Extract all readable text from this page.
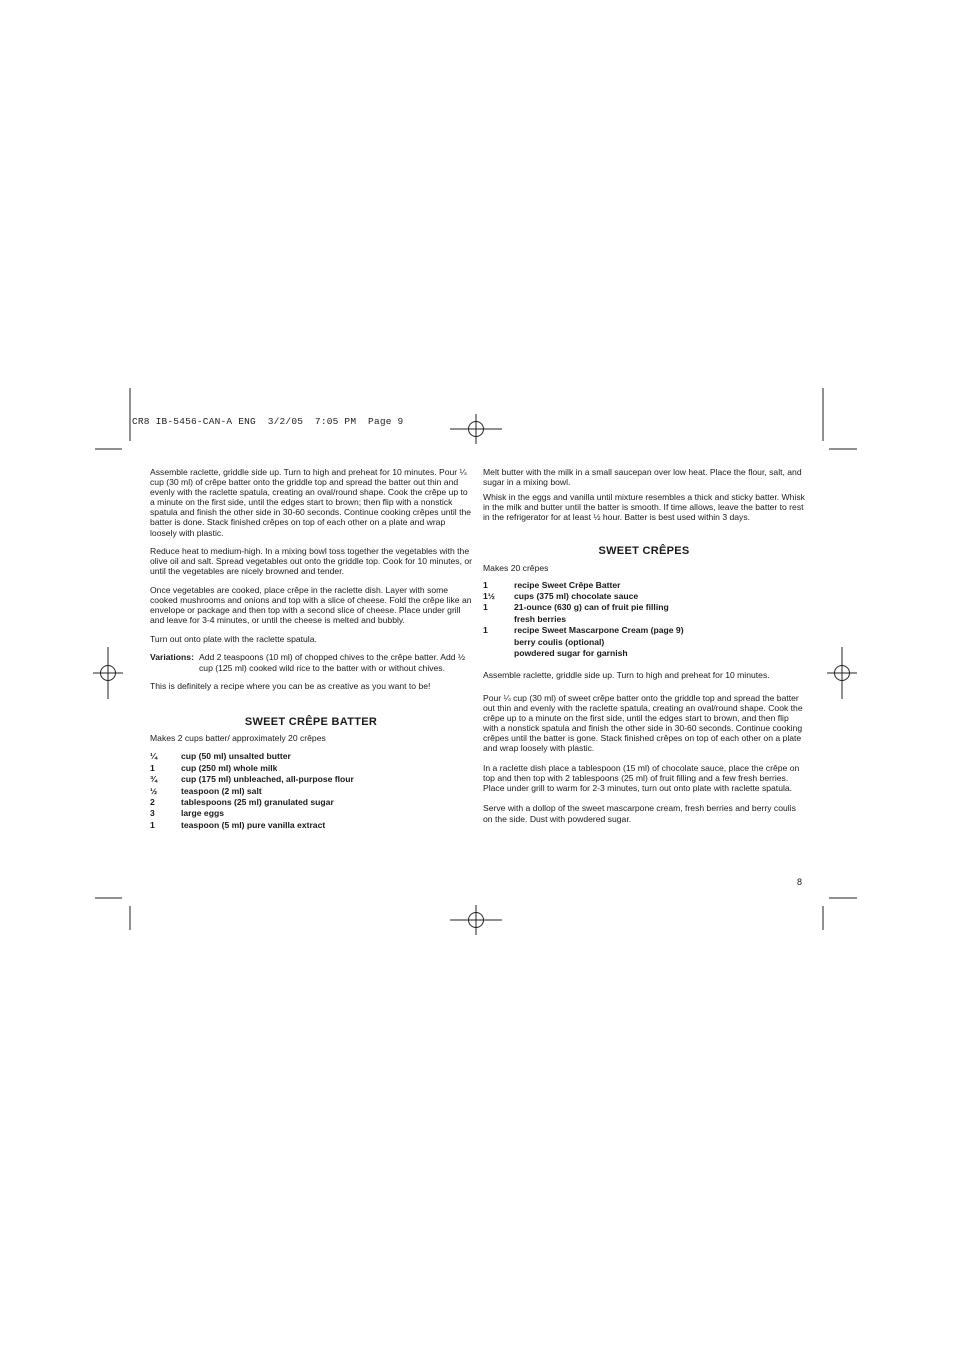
CR8 IB-5456-CAN-A ENG  3/2/05  7:05 PM  Page 9

Assemble raclette, griddle side up. Turn to high and preheat for 10 minutes. Pour ¼ cup (30 ml) of crêpe batter onto the griddle top and spread the batter out thin and evenly with the raclette spatula, creating an oval/round shape. Cook the crêpe up to a minute on the first side, until the edges start to brown; then flip with a nonstick spatula and finish the other side in 30-60 seconds. Continue cooking crêpes until the batter is done. Stack finished crêpes on top of each other on a plate and wrap loosely with plastic.

Reduce heat to medium-high. In a mixing bowl toss together the vegetables with the olive oil and salt. Spread vegetables out onto the griddle top. Cook for 10 minutes, or until the vegetables are nicely browned and tender.

Once vegetables are cooked, place crêpe in the raclette dish. Layer with some cooked mushrooms and onions and top with a slice of cheese. Fold the crêpe like an envelope or package and then top with a second slice of cheese. Place under grill and leave for 3-4 minutes, or until the cheese is melted and bubbly.

Turn out onto plate with the raclette spatula.

Variations: Add 2 teaspoons (10 ml) of chopped chives to the crêpe batter. Add ½ cup (125 ml) cooked wild rice to the batter with or without chives.

This is definitely a recipe where you can be as creative as you want to be!

SWEET CRÊPE BATTER

Makes 2 cups batter/ approximately 20 crêpes

¼	cup (50 ml) unsalted butter
1	cup (250 ml) whole milk
¾	cup (175 ml) unbleached, all-purpose flour
½	teaspoon (2 ml) salt
2	tablespoons (25 ml) granulated sugar
3	large eggs
1	teaspoon (5 ml) pure vanilla extract

Melt butter with the milk in a small saucepan over low heat. Place the flour, salt, and sugar in a mixing bowl.

Whisk in the eggs and vanilla until mixture resembles a thick and sticky batter. Whisk in the milk and butter until the batter is smooth. If time allows, leave the batter to rest in the refrigerator for at least ½ hour. Batter is best used within 3 days.

SWEET CRÊPES

Makes 20 crêpes

1	recipe Sweet Crêpe Batter
1½	cups (375 ml) chocolate sauce
1	21-ounce (630 g) can of fruit pie filling
fresh berries
1	recipe Sweet Mascarpone Cream (page 9)
berry coulis (optional)
powdered sugar for garnish

Assemble raclette, griddle side up. Turn to high and preheat for 10 minutes.

Pour ¼ cup (30 ml) of sweet crêpe batter onto the griddle top and spread the batter out thin and evenly with the raclette spatula, creating an oval/round shape. Cook the crêpe up to a minute on the first side, until the edges start to brown, and then flip with a nonstick spatula and finish the other side in 30-60 seconds. Continue cooking crêpes until the batter is gone. Stack finished crêpes on top of each other on a plate and wrap loosely with plastic.

In a raclette dish place a tablespoon (15 ml) of chocolate sauce, place the crêpe on top and then top with 2 tablespoons (25 ml) of fruit filling and a few fresh berries. Place under grill to warm for 2-3 minutes, turn out onto plate with raclette spatula.

Serve with a dollop of the sweet mascarpone cream, fresh berries and berry coulis on the side. Dust with powdered sugar.

8
